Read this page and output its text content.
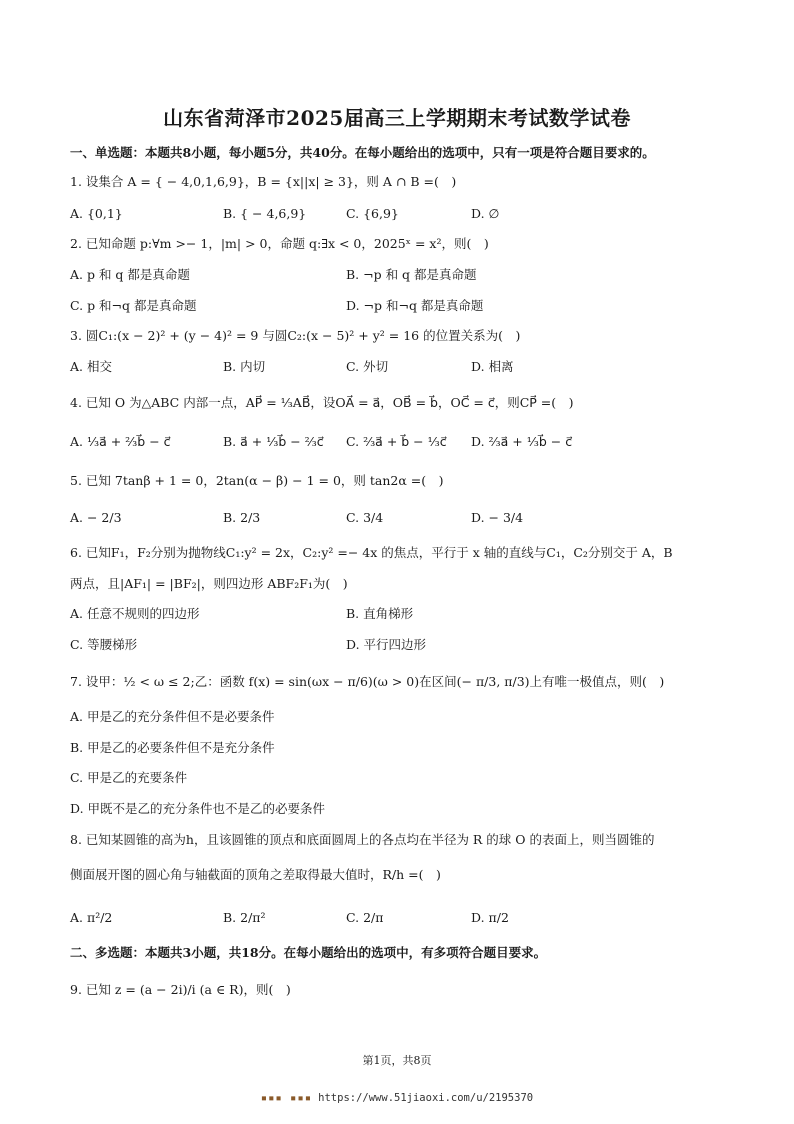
山东省菏泽市2025届高三上学期期末考试数学试卷
一、单选题：本题共8小题，每小题5分，共40分。在每小题给出的选项中，只有一项是符合题目要求的。
1. 设集合 A = { − 4,0,1,6,9}，B = {x||x| ≥ 3}，则 A ∩ B =(　)
A. {0,1}	B. { − 4,6,9}	C. {6,9}	D. ∅
2. 已知命题 p:∀m >− 1，|m| > 0，命题 q:∃x < 0，2025ˣ = x²，则(　)
A. p 和 q 都是真命题	B. ¬p 和 q 都是真命题
C. p 和¬q 都是真命题	D. ¬p 和¬q 都是真命题
3. 圆C₁:(x − 2)² + (y − 4)² = 9 与圆C₂:(x − 5)² + y² = 16 的位置关系为(　)
A. 相交	B. 内切	C. 外切	D. 相离
4. 已知 O 为△ABC 内部一点，AP⃗ = ⅓AB⃗，设OA⃗ = a⃗，OB⃗ = b⃗，OC⃗ = c⃗，则CP⃗ =(　)
A. ⅓a⃗ + ⅔b⃗ − c⃗	B. a⃗ + ⅓b⃗ − ⅔c⃗ C. ⅔a⃗ + b⃗ − ⅓c⃗ D. ⅔a⃗ + ⅓b⃗ − c⃗
5. 已知 7tanβ + 1 = 0，2tan(α − β) − 1 = 0，则 tan2α =(　)
A. − 2/3	B. 2/3	C. 3/4	D. − 3/4
6. 已知F₁，F₂分别为抛物线C₁:y² = 2x，C₂:y² =− 4x 的焦点，平行于 x 轴的直线与C₁，C₂分别交于 A，B
两点，且|AF₁| = |BF₂|，则四边形 ABF₂F₁为(　)
A. 任意不规则的四边形	B. 直角梯形
C. 等腰梯形	D. 平行四边形
7. 设甲：½ < ω ≤ 2;乙：函数 f(x) = sin(ωx − π/6)(ω > 0)在区间(− π/3, π/3)上有唯一极值点，则(　)
A. 甲是乙的充分条件但不是必要条件
B. 甲是乙的必要条件但不是充分条件
C. 甲是乙的充要条件
D. 甲既不是乙的充分条件也不是乙的必要条件
8. 已知某圆锥的高为h，且该圆锥的顶点和底面圆周上的各点均在半径为 R 的球 O 的表面上，则当圆锥的
侧面展开图的圆心角与轴截面的顶角之差取得最大值时，R/h =(　)
A. π²/2	B. 2/π²	C. 2/π	D. π/2
二、多选题：本题共3小题，共18分。在每小题给出的选项中，有多项符合题目要求。
9. 已知 z = (a − 2i)/i (a ∈ R)，则(　)
第1页，共8页
▪▪▪ ▪▪▪ https://www.51jiaoxi.com/u/2195370
